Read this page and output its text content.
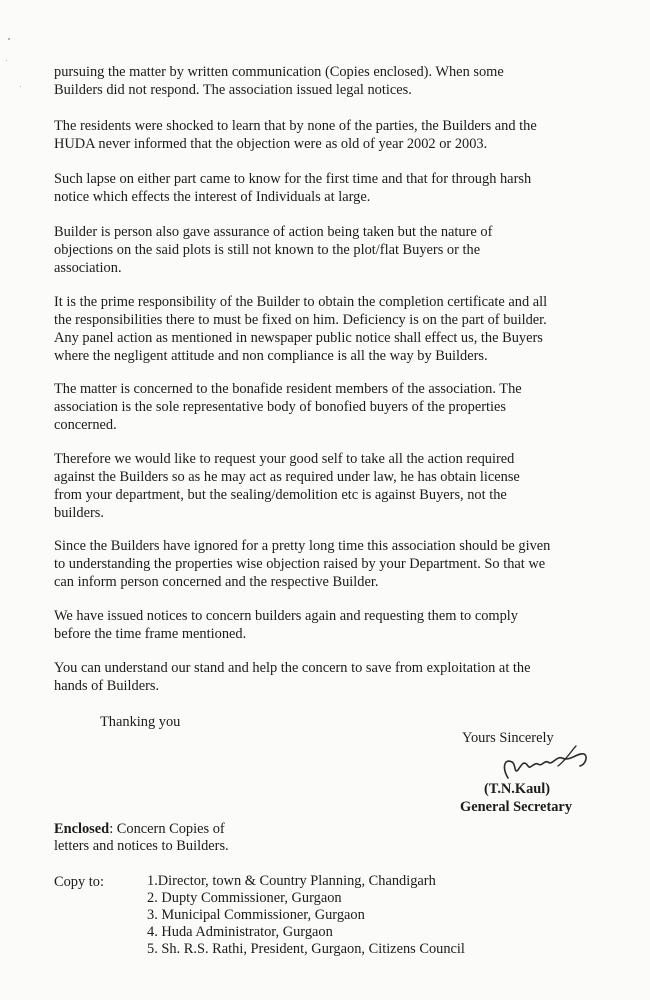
pursuing the matter by written communication (Copies enclosed). When some
Builders did not respond. The association issued legal notices.
The residents were shocked to learn that by none of the parties, the Builders and the
HUDA never informed that the objection were as old of year 2002 or 2003.
Such lapse on either part came to know for the first time and that for through harsh
notice which effects the interest of Individuals at large.
Builder is person also gave assurance of action being taken but the nature of
objections on the said plots is still not known to the plot/flat Buyers or the
association.
It is the prime responsibility of the Builder to obtain the completion certificate and all
the responsibilities there to must be fixed on him. Deficiency is on the part of builder.
Any panel action as mentioned in newspaper public notice shall effect us, the Buyers
where the negligent attitude and non compliance is all the way by Builders.
The matter is concerned to the bonafide resident members of the association. The
association is the sole representative body of bonofied buyers of the properties
concerned.
Therefore we would like to request your good self to take all the action required
against the Builders so as he may act as required under law, he has obtain license
from your department, but the sealing/demolition etc is against Buyers, not the
builders.
Since the Builders have ignored for a pretty long time this association should be given
to understanding the properties wise objection raised by your Department. So that we
can inform person concerned and the respective Builder.
We have issued notices to concern builders again and requesting them to comply
before the time frame mentioned.
You can understand our stand and help the concern to save from exploitation at the
hands of Builders.
Thanking you
Yours Sincerely
(T.N.Kaul)
General Secretary
Enclosed: Concern Copies of
letters and notices to Builders.
Copy to:	1.Director, town & Country Planning, Chandigarh
2. Dupty Commissioner, Gurgaon
3. Municipal Commissioner, Gurgaon
4. Huda Administrator, Gurgaon
5. Sh. R.S. Rathi, President, Gurgaon, Citizens Council
